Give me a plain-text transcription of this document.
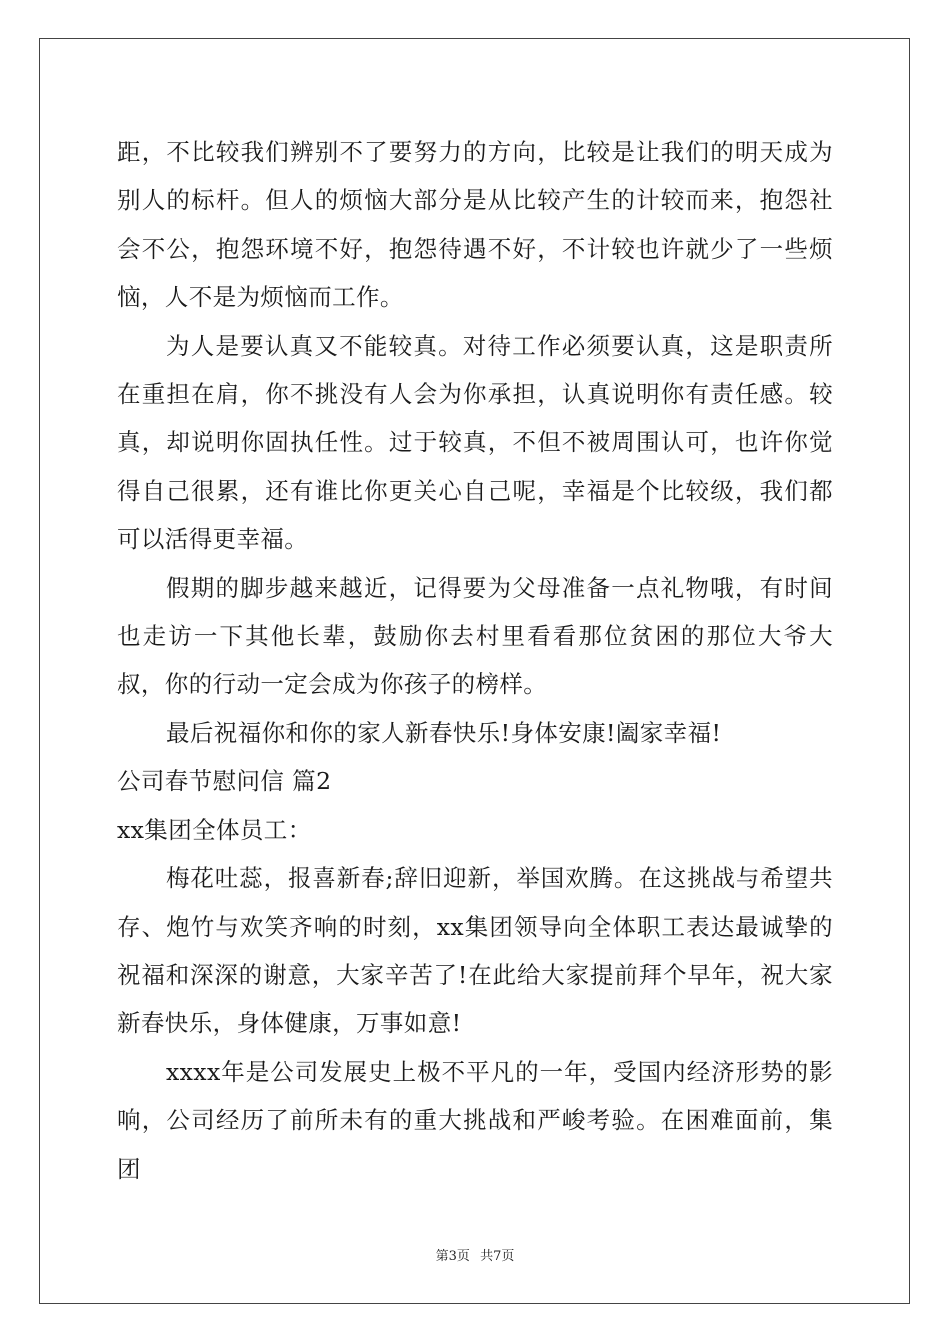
距，不比较我们辨别不了要努力的方向，比较是让我们的明天成为别人的标杆。但人的烦恼大部分是从比较产生的计较而来，抱怨社会不公，抱怨环境不好，抱怨待遇不好，不计较也许就少了一些烦恼，人不是为烦恼而工作。

为人是要认真又不能较真。对待工作必须要认真，这是职责所在重担在肩，你不挑没有人会为你承担，认真说明你有责任感。较真，却说明你固执任性。过于较真，不但不被周围认可，也许你觉得自己很累，还有谁比你更关心自己呢，幸福是个比较级，我们都可以活得更幸福。

假期的脚步越来越近，记得要为父母准备一点礼物哦，有时间也走访一下其他长辈，鼓励你去村里看看那位贫困的那位大爷大叔，你的行动一定会成为你孩子的榜样。

最后祝福你和你的家人新春快乐!身体安康!阖家幸福!

公司春节慰问信 篇2

xx集团全体员工：

梅花吐蕊，报喜新春;辞旧迎新，举国欢腾。在这挑战与希望共存、炮竹与欢笑齐响的时刻，xx集团领导向全体职工表达最诚挚的祝福和深深的谢意，大家辛苦了!在此给大家提前拜个早年，祝大家新春快乐，身体健康，万事如意!

xxxx年是公司发展史上极不平凡的一年，受国内经济形势的影响，公司经历了前所未有的重大挑战和严峻考验。在困难面前，集团

第3页 共7页
